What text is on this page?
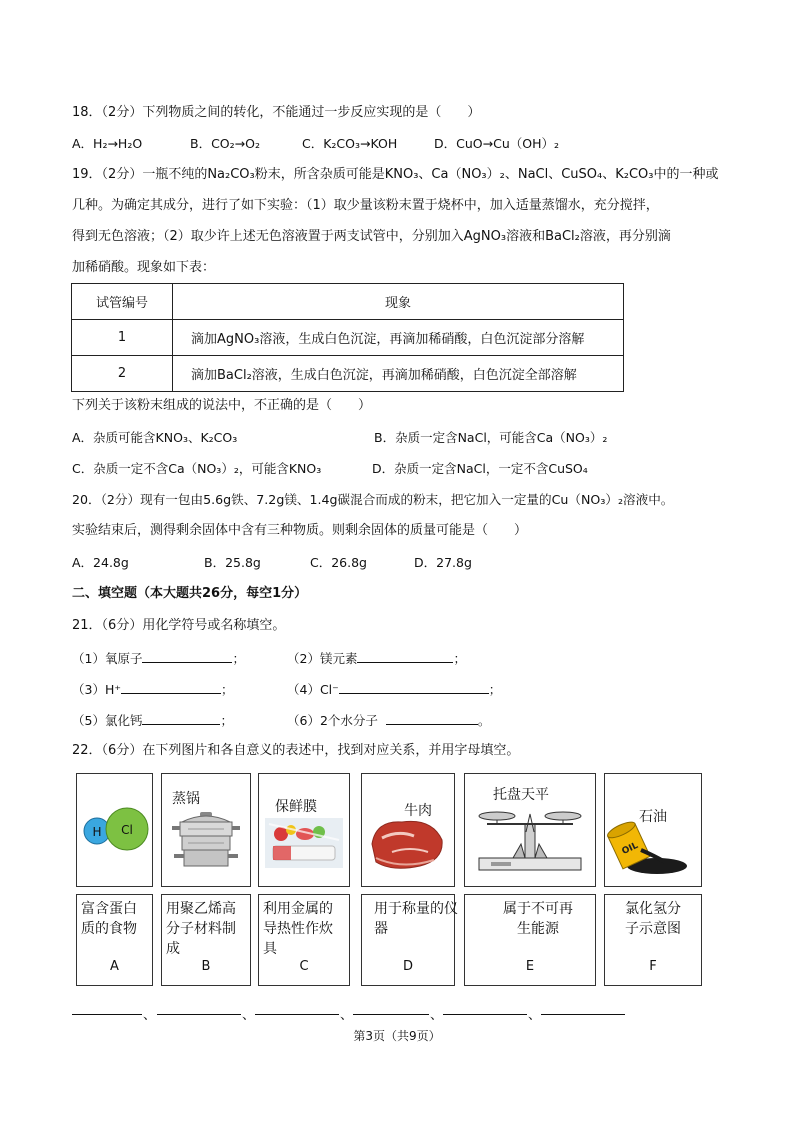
18．（2分）下列物质之间的转化，不能通过一步反应实现的是（　　）
A．H₂→H₂O	B．CO₂→O₂	C．K₂CO₃→KOH	D．CuO→Cu（OH）₂
19．（2分）一瓶不纯的Na₂CO₃粉末，所含杂质可能是KNO₃、Ca（NO₃）₂、NaCl、CuSO₄、K₂CO₃中的一种或
几种。为确定其成分，进行了如下实验：（1）取少量该粉末置于烧杯中，加入适量蒸馏水，充分搅拌，
得到无色溶液；（2）取少许上述无色溶液置于两支试管中，分别加入AgNO₃溶液和BaCl₂溶液，再分别滴
加稀硝酸。现象如下表：
试管编号	现象
1	滴加AgNO₃溶液，生成白色沉淀，再滴加稀硝酸，白色沉淀部分溶解
2	滴加BaCl₂溶液，生成白色沉淀，再滴加稀硝酸，白色沉淀全部溶解
下列关于该粉末组成的说法中，不正确的是（　　）
A．杂质可能含KNO₃、K₂CO₃	B．杂质一定含NaCl，可能含Ca（NO₃）₂
C．杂质一定不含Ca（NO₃）₂，可能含KNO₃	D．杂质一定含NaCl，一定不含CuSO₄
20．（2分）现有一包由5.6g铁、7.2g镁、1.4g碳混合而成的粉末，把它加入一定量的Cu（NO₃）₂溶液中。
实验结束后，测得剩余固体中含有三种物质。则剩余固体的质量可能是（　　）
A．24.8g	B．25.8g	C．26.8g	D．27.8g
二、填空题（本大题共26分，每空1分）
21．（6分）用化学符号或名称填空。
（1）氧原子	；	（2）镁元素	；
（3）H⁺	；	（4）Cl⁻	；
（5）氯化钙	；	（6）2个水分子	。
22．（6分）在下列图片和各自意义的表述中，找到对应关系，并用字母填空。
H Cl
蒸锅	保鲜膜	牛肉
托盘天平
石油
OIL
富含蛋白质的食物
A
用聚乙烯高分子材料制成
B
利用金属的导热性作炊具
C
用于称量的仪器
D
属于不可再生能源
E
氯化氢分子示意图
F
、	、	、	、	、
第3页（共9页）
